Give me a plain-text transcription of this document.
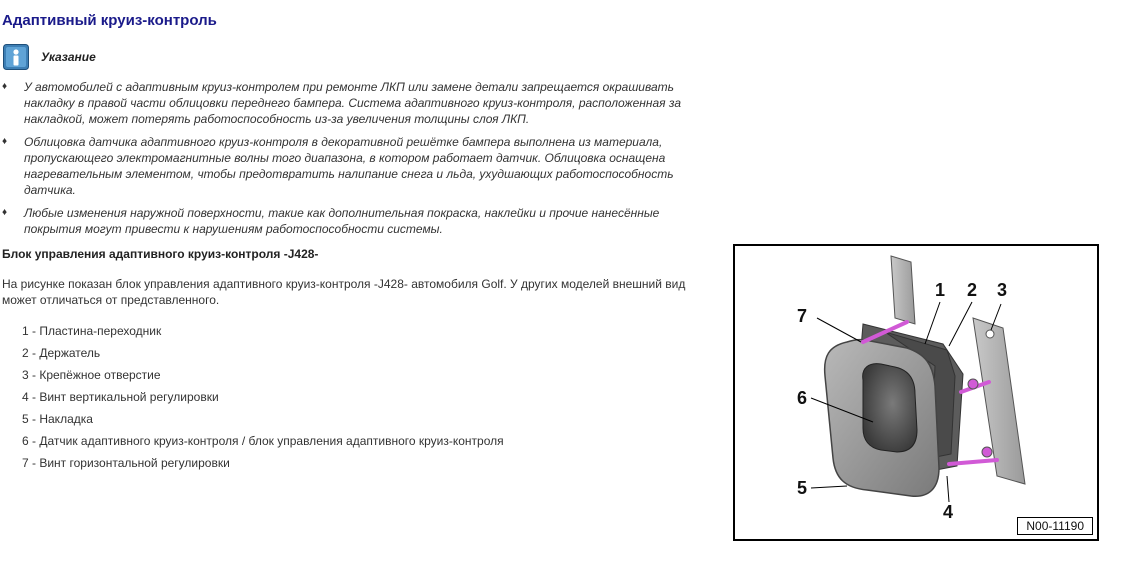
Адаптивный круиз-контроль
Указание
♦ У автомобилей с адаптивным круиз-контролем при ремонте ЛКП или замене детали запрещается окрашивать накладку в правой части облицовки переднего бампера. Система адаптивного круиз-контроля, расположенная за накладкой, может потерять работоспособность из-за увеличения толщины слоя ЛКП.
♦ Облицовка датчика адаптивного круиз-контроля в декоративной решётке бампера выполнена из материала, пропускающего электромагнитные волны того диапазона, в котором работает датчик. Облицовка оснащена нагревательным элементом, чтобы предотвратить налипание снега и льда, ухудшающих работоспособность датчика.
♦ Любые изменения наружной поверхности, такие как дополнительная покраска, наклейки и прочие нанесённые покрытия могут привести к нарушениям работоспособности системы.
Блок управления адаптивного круиз-контроля -J428-

На рисунке показан блок управления адаптивного круиз-контроля -J428- автомобиля Golf. У других моделей внешний вид может отличаться от представленного.

1 - Пластина-переходник
2 - Держатель
3 - Крепёжное отверстие
4 - Винт вертикальной регулировки
5 - Накладка
6 - Датчик адаптивного круиз-контроля / блок управления адаптивного круиз-контроля
7 - Винт горизонтальной регулировки
7
1 2 3
6
5
4
N00-11190
